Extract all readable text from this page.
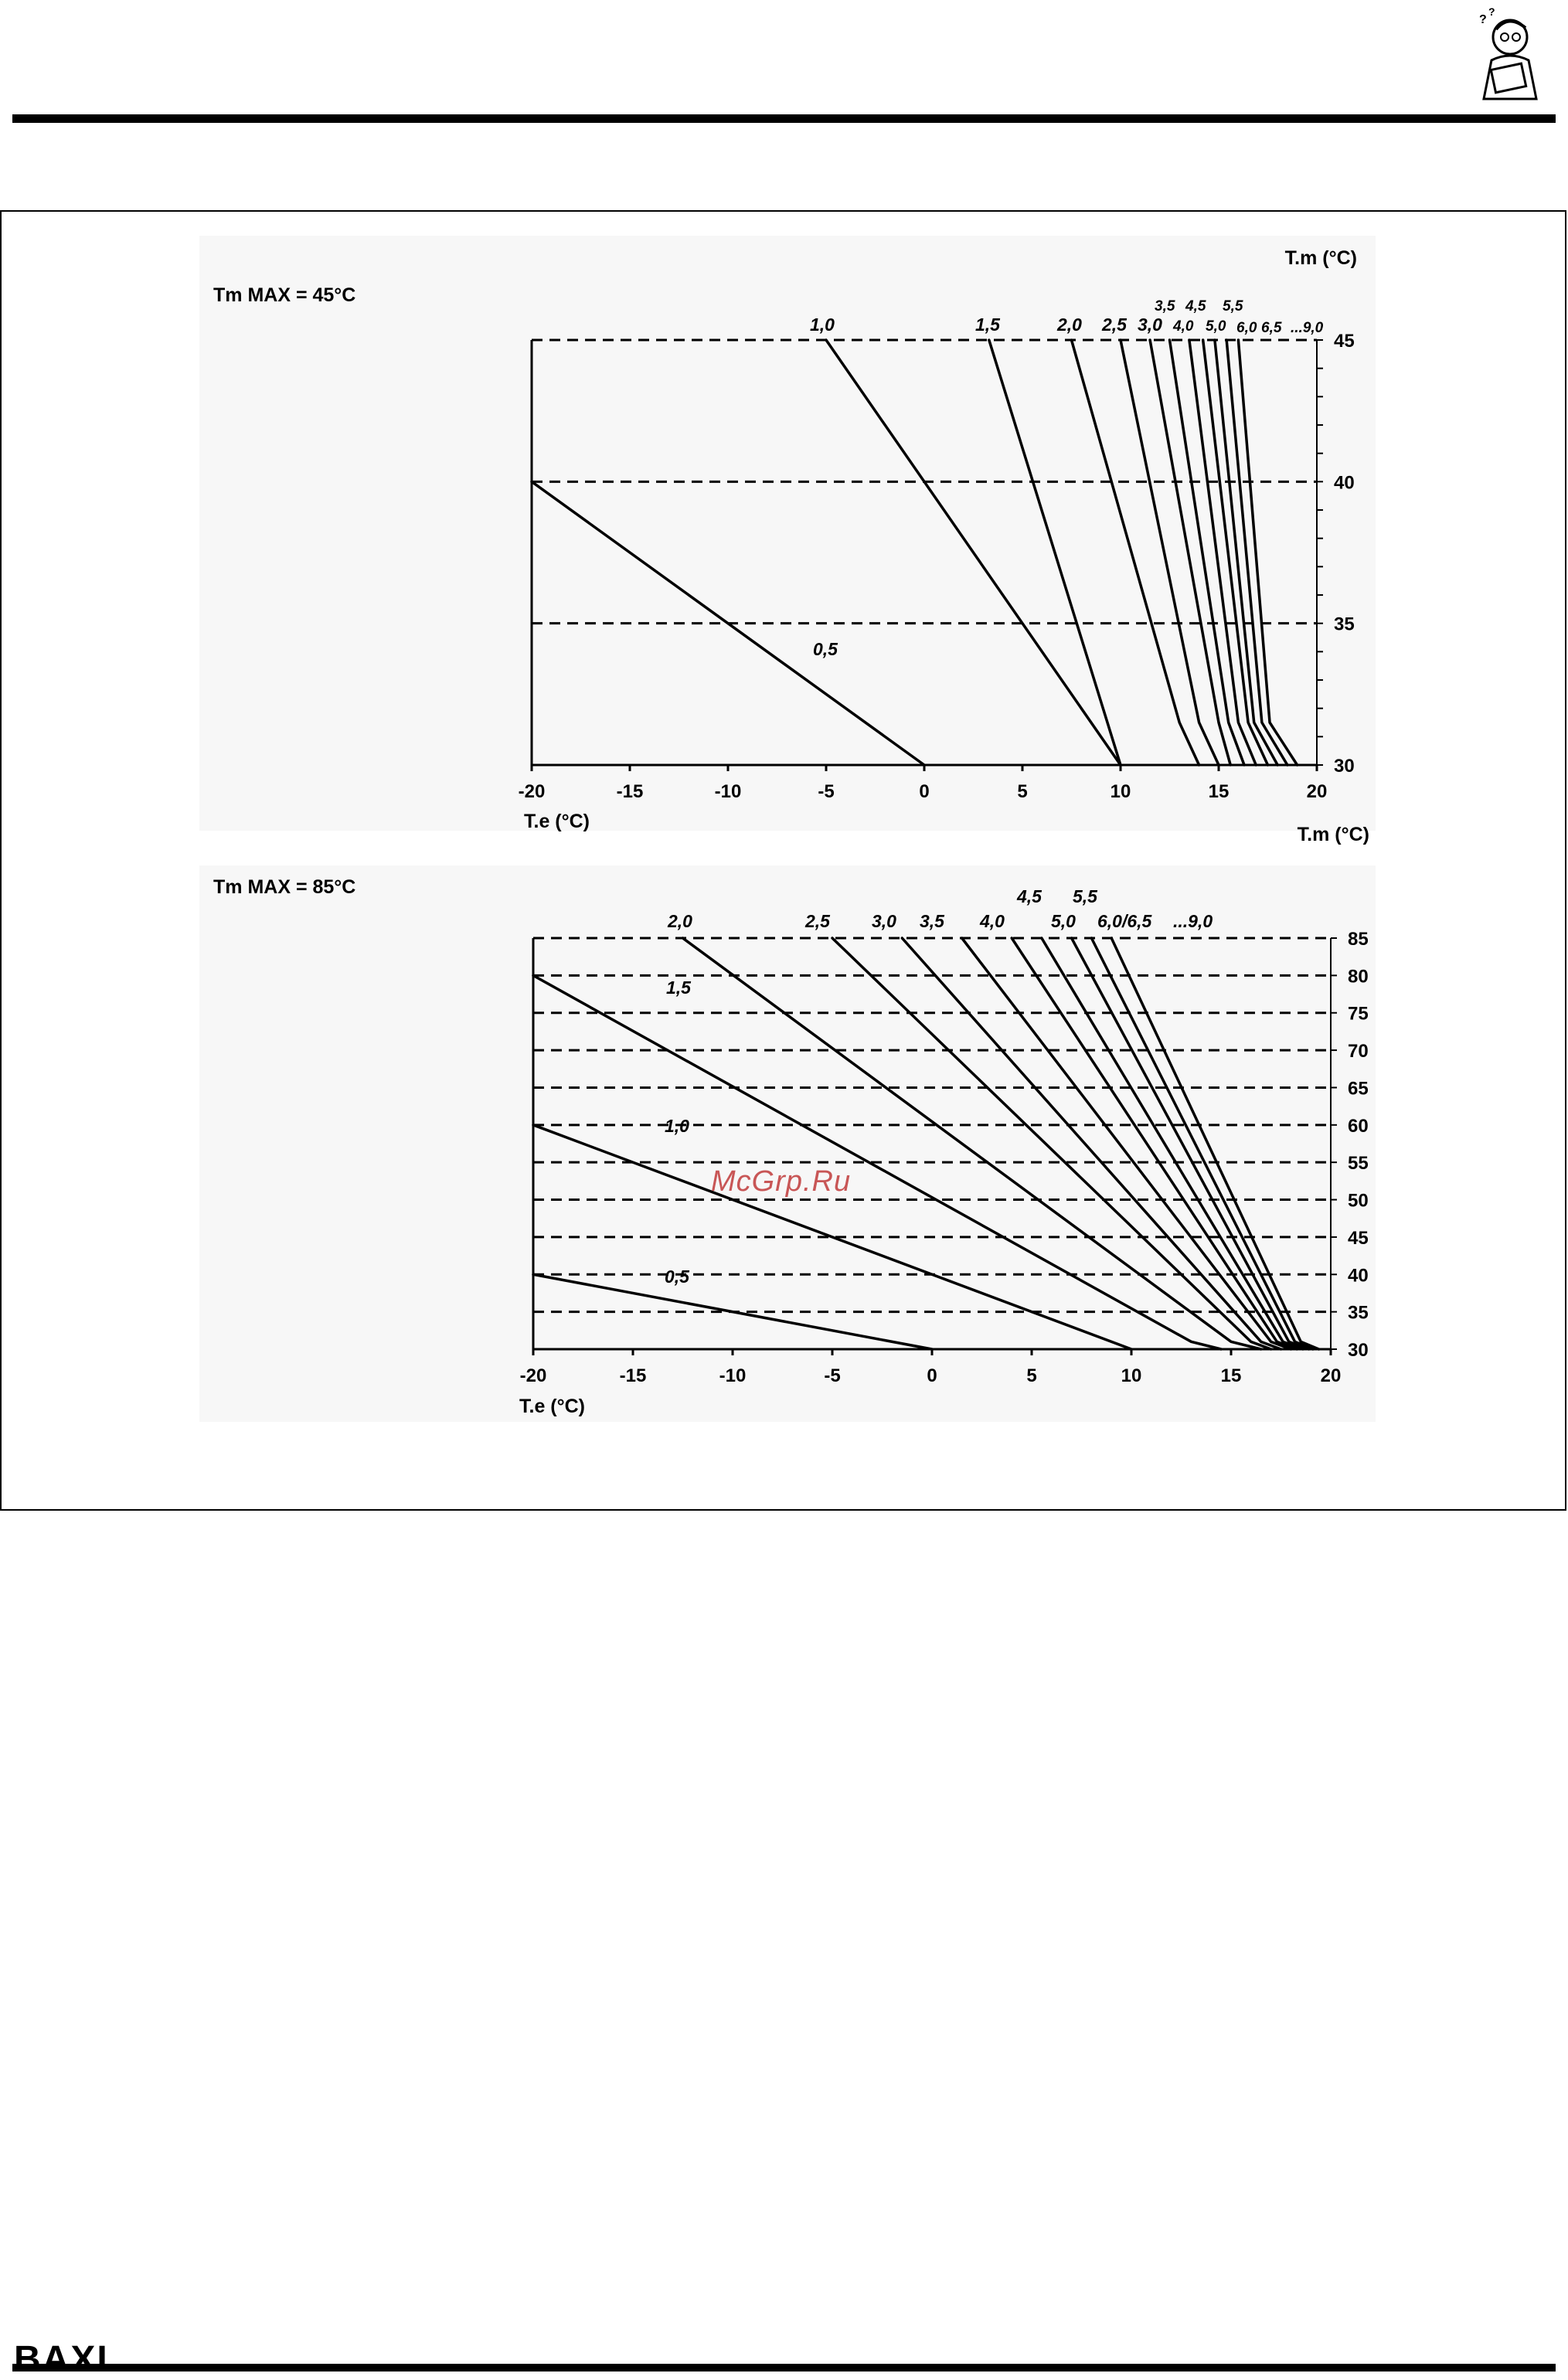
?
?
Tm MAX = 45°C
T.e (°C)
T.m (°C)
-20	-15	-10	-5	0	5	10	15	20
30
35
40
45
0,5
1,0	1,5	2,0 2,5 3,0
3,5
4,0
4,5
5,0
5,5
6,0 6,5 ...9,0
Tm MAX = 85°C
T.e (°C)
T.m (°C)
-20	-15	-10	-5	0	5	10	15	20
30
35
40
45
50
55
60
65
70
75
80
85
0,5
1,0
1,5
2,0	2,5 3,0 3,5 4,0
4,5
5,0
5,5
6,0/6,5 ...9,0
McGrp.Ru
BAXI
